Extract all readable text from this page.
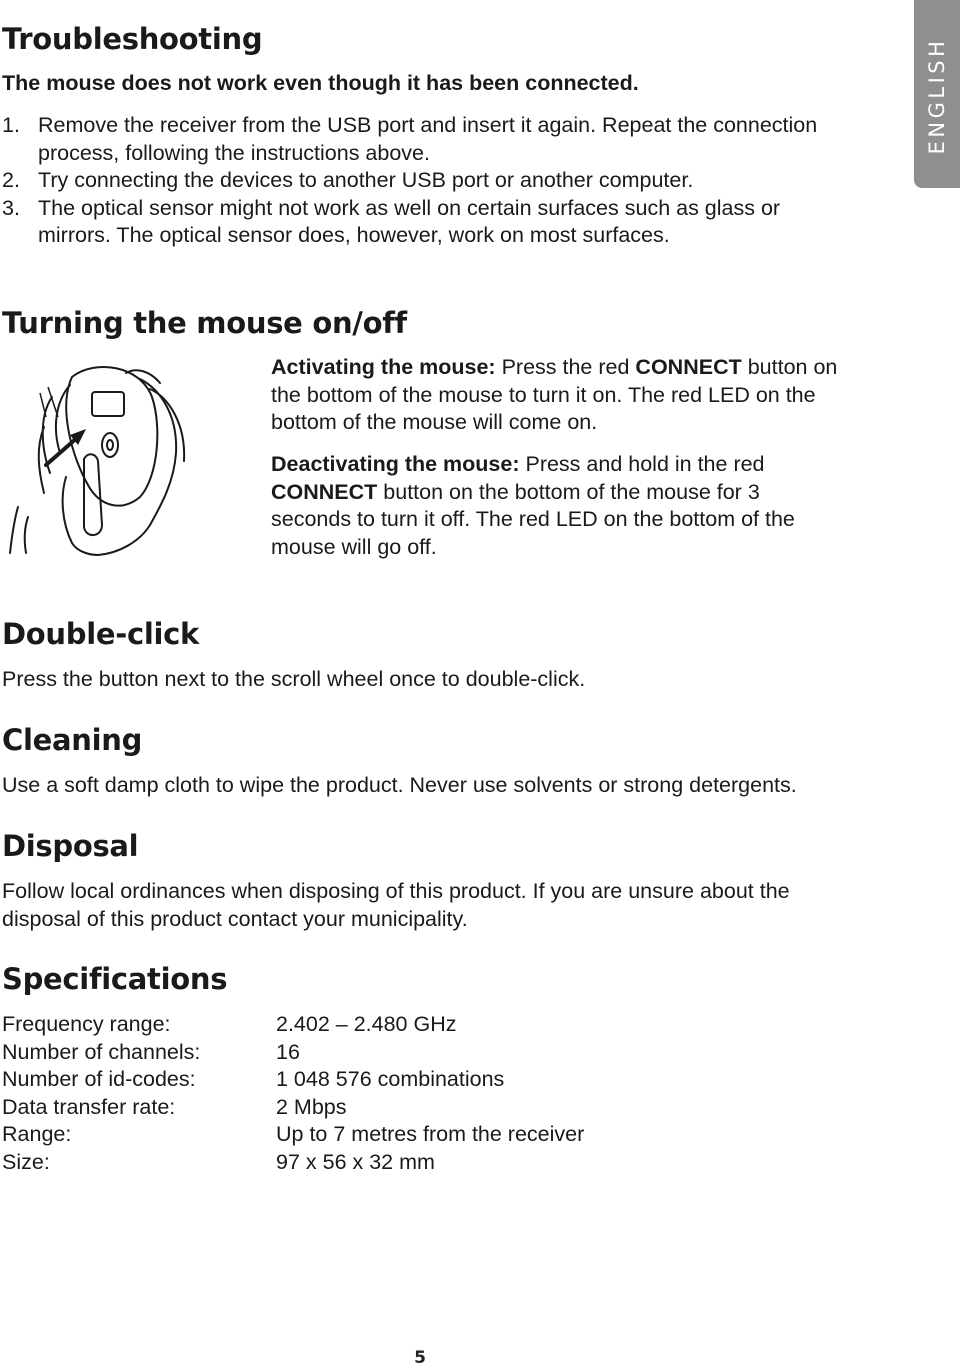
ENGLISH
Troubleshooting
The mouse does not work even though it has been connected.
1. Remove the receiver from the USB port and insert it again. Repeat the connection process, following the instructions above.
2. Try connecting the devices to another USB port or another computer.
3. The optical sensor might not work as well on certain surfaces such as glass or mirrors. The optical sensor does, however, work on most surfaces.
Turning the mouse on/off
Activating the mouse: Press the red CONNECT button on the bottom of the mouse to turn it on. The red LED on the bottom of the mouse will come on.
Deactivating the mouse: Press and hold in the red CONNECT button on the bottom of the mouse for 3 seconds to turn it off. The red LED on the bottom of the mouse will go off.
Double-click
Press the button next to the scroll wheel once to double-click.
Cleaning
Use a soft damp cloth to wipe the product. Never use solvents or strong detergents.
Disposal
Follow local ordinances when disposing of this product. If you are unsure about the disposal of this product contact your municipality.
Specifications
Frequency range:	2.402 – 2.480 GHz
Number of channels:	16
Number of id-codes:	1 048 576 combinations
Data transfer rate:	2 Mbps
Range:	Up to 7 metres from the receiver
Size:	97 x 56 x 32 mm
5
